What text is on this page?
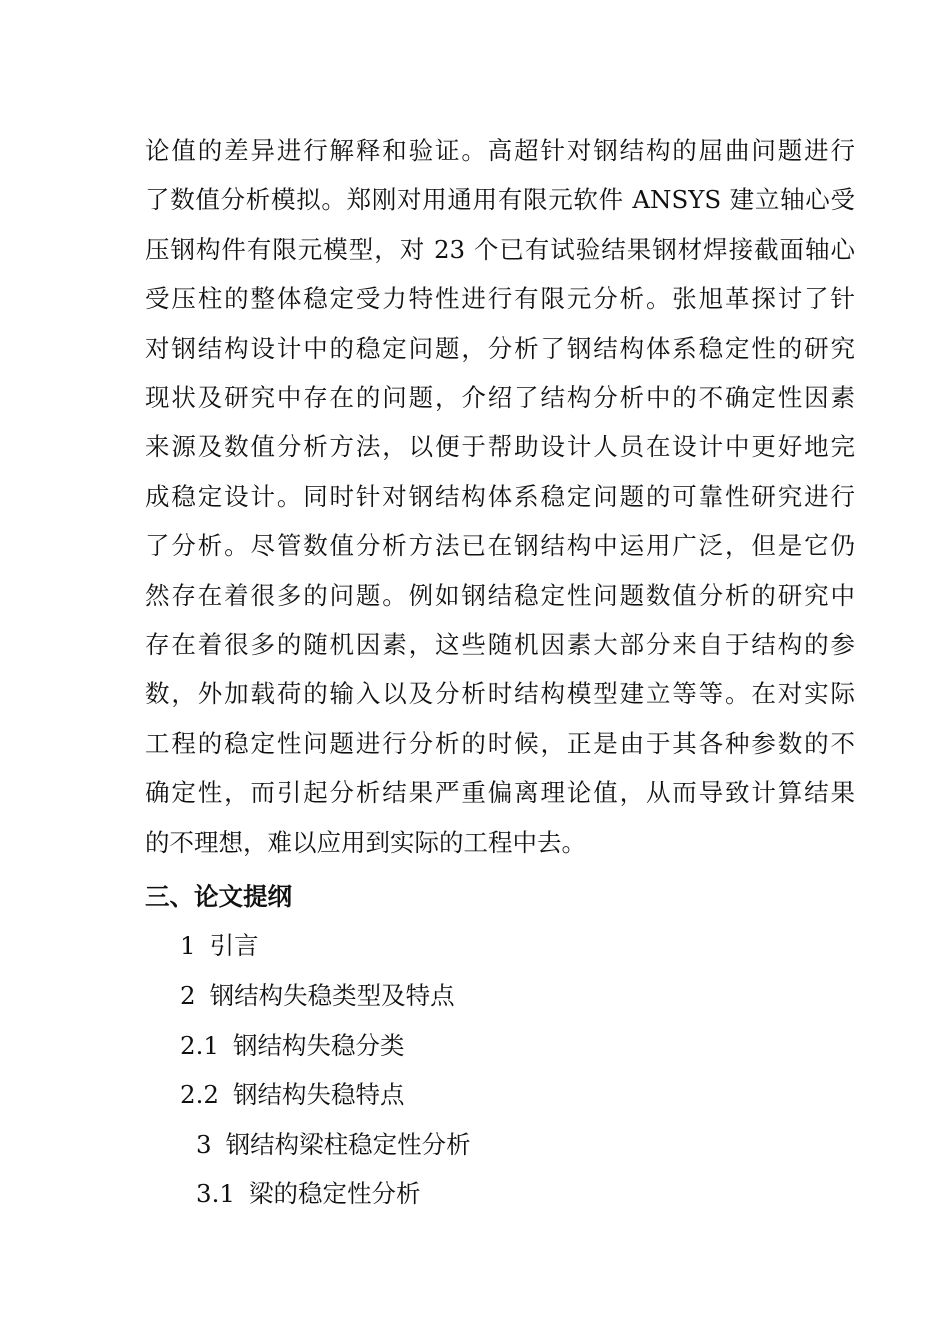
论值的差异进行解释和验证。高超针对钢结构的屈曲问题进行
了数值分析模拟。郑刚对用通用有限元软件 ANSYS 建立轴心受
压钢构件有限元模型，对 23 个已有试验结果钢材焊接截面轴心
受压柱的整体稳定受力特性进行有限元分析。张旭革探讨了针
对钢结构设计中的稳定问题，分析了钢结构体系稳定性的研究
现状及研究中存在的问题，介绍了结构分析中的不确定性因素
来源及数值分析方法，以便于帮助设计人员在设计中更好地完
成稳定设计。同时针对钢结构体系稳定问题的可靠性研究进行
了分析。尽管数值分析方法已在钢结构中运用广泛，但是它仍
然存在着很多的问题。例如钢结稳定性问题数值分析的研究中
存在着很多的随机因素，这些随机因素大部分来自于结构的参
数，外加载荷的输入以及分析时结构模型建立等等。在对实际
工程的稳定性问题进行分析的时候，正是由于其各种参数的不
确定性，而引起分析结果严重偏离理论值，从而导致计算结果
的不理想，难以应用到实际的工程中去。

三、论文提纲
1 引言
2 钢结构失稳类型及特点
2.1 钢结构失稳分类
2.2 钢结构失稳特点
3 钢结构梁柱稳定性分析
3.1 梁的稳定性分析
